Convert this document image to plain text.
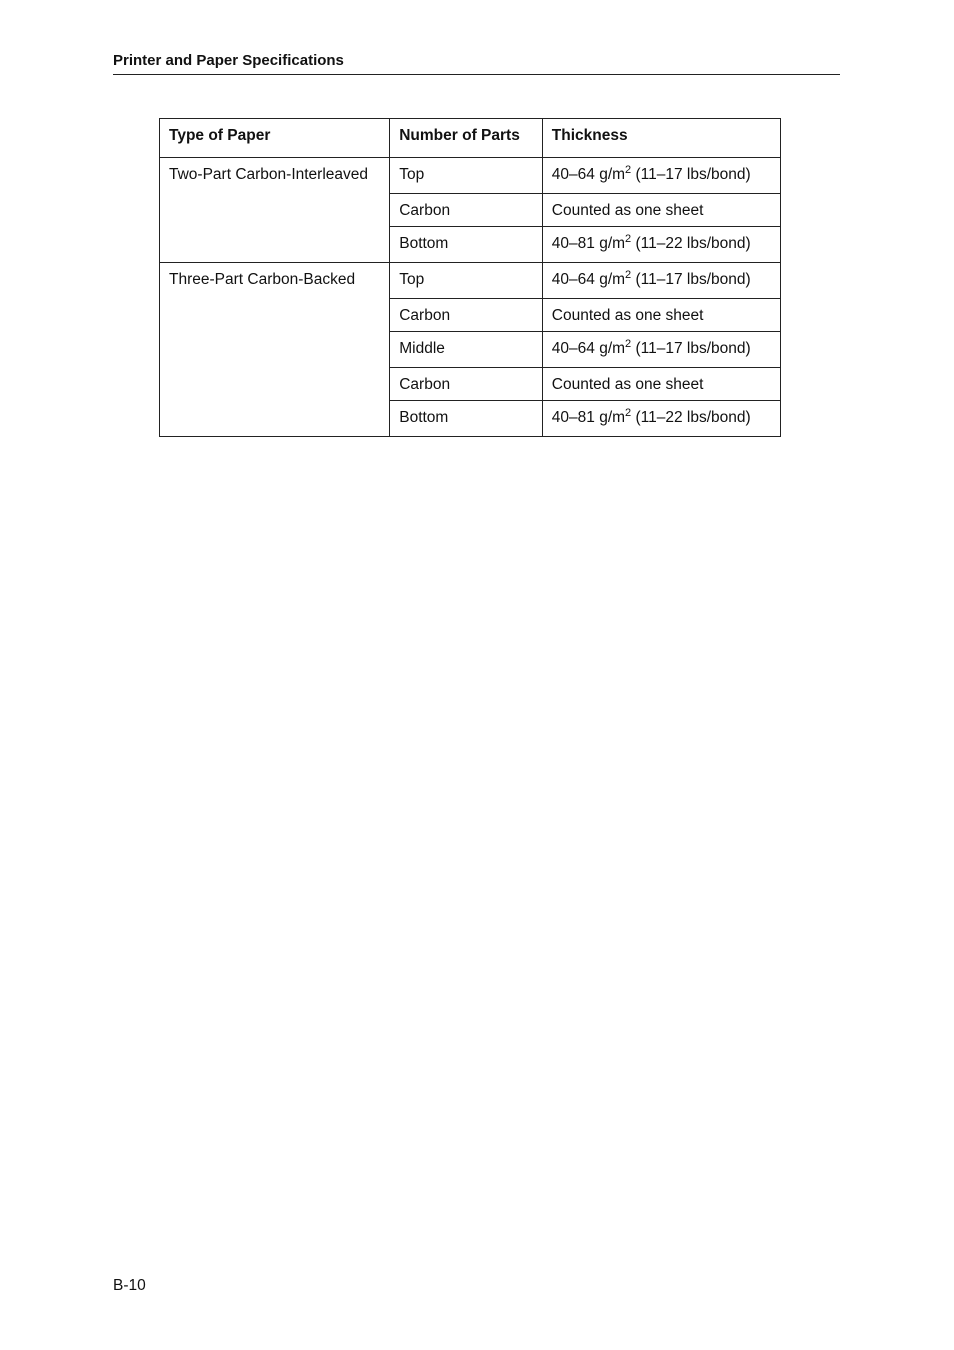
Printer and Paper Specifications
Type of Paper	Number of Parts	Thickness
Two-Part Carbon-Interleaved	Top	40–64 $g/m^2$ (11–17 lbs/bond)
	Carbon	Counted as one sheet
	Bottom	40–81 $g/m^2$ (11–22 lbs/bond)
Three-Part Carbon-Backed	Top	40–64 $g/m^2$ (11–17 lbs/bond)
	Carbon	Counted as one sheet
	Middle	40–64 $g/m^2$ (11–17 lbs/bond)
	Carbon	Counted as one sheet
	Bottom	40–81 $g/m^2$ (11–22 lbs/bond)
B-10
